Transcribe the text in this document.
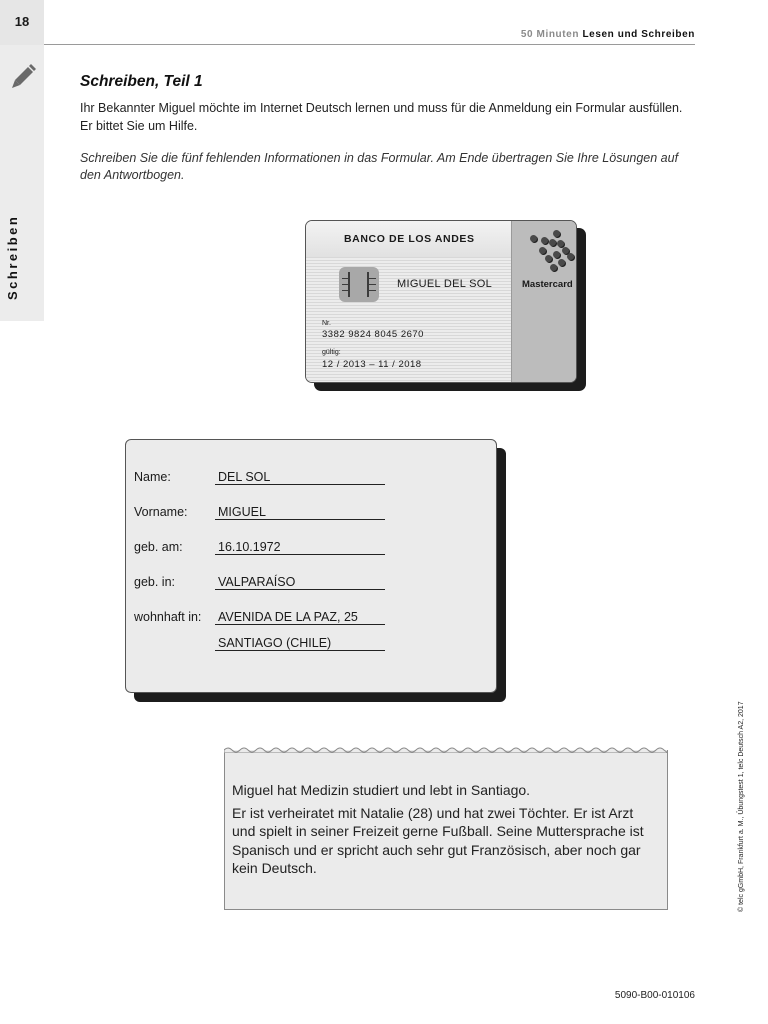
18
Schreiben
50 Minuten Lesen und Schreiben
Schreiben, Teil 1
Ihr Bekannter Miguel möchte im Internet Deutsch lernen und muss für die Anmeldung ein Formular ausfüllen. Er bittet Sie um Hilfe.
Schreiben Sie die fünf fehlenden Informationen in das Formular. Am Ende übertragen Sie Ihre Lösungen auf den Antwortbogen.
BANCO DE LOS ANDES
MIGUEL DEL SOL	Mastercard
Nr.
3382 9824 8045 2670
gültig:
12 / 2013 – 11 / 2018
Name:	DEL SOL
Vorname: MIGUEL
geb. am:	16.10.1972
geb. in:	VALPARAÍSO
wohnhaft in: AVENIDA DE LA PAZ, 25
SANTIAGO (CHILE)

Miguel hat Medizin studiert und lebt in Santiago.

Er ist verheiratet mit Natalie (28) und hat zwei Töchter. Er ist Arzt und spielt in seiner Freizeit gerne Fußball. Seine Muttersprache ist Spanisch und er spricht auch sehr gut Französisch, aber noch gar kein Deutsch.	© telc gGmbH, Frankfurt a. M., Übungstest 1, telc Deutsch A2, 2017
5090-B00-010106
